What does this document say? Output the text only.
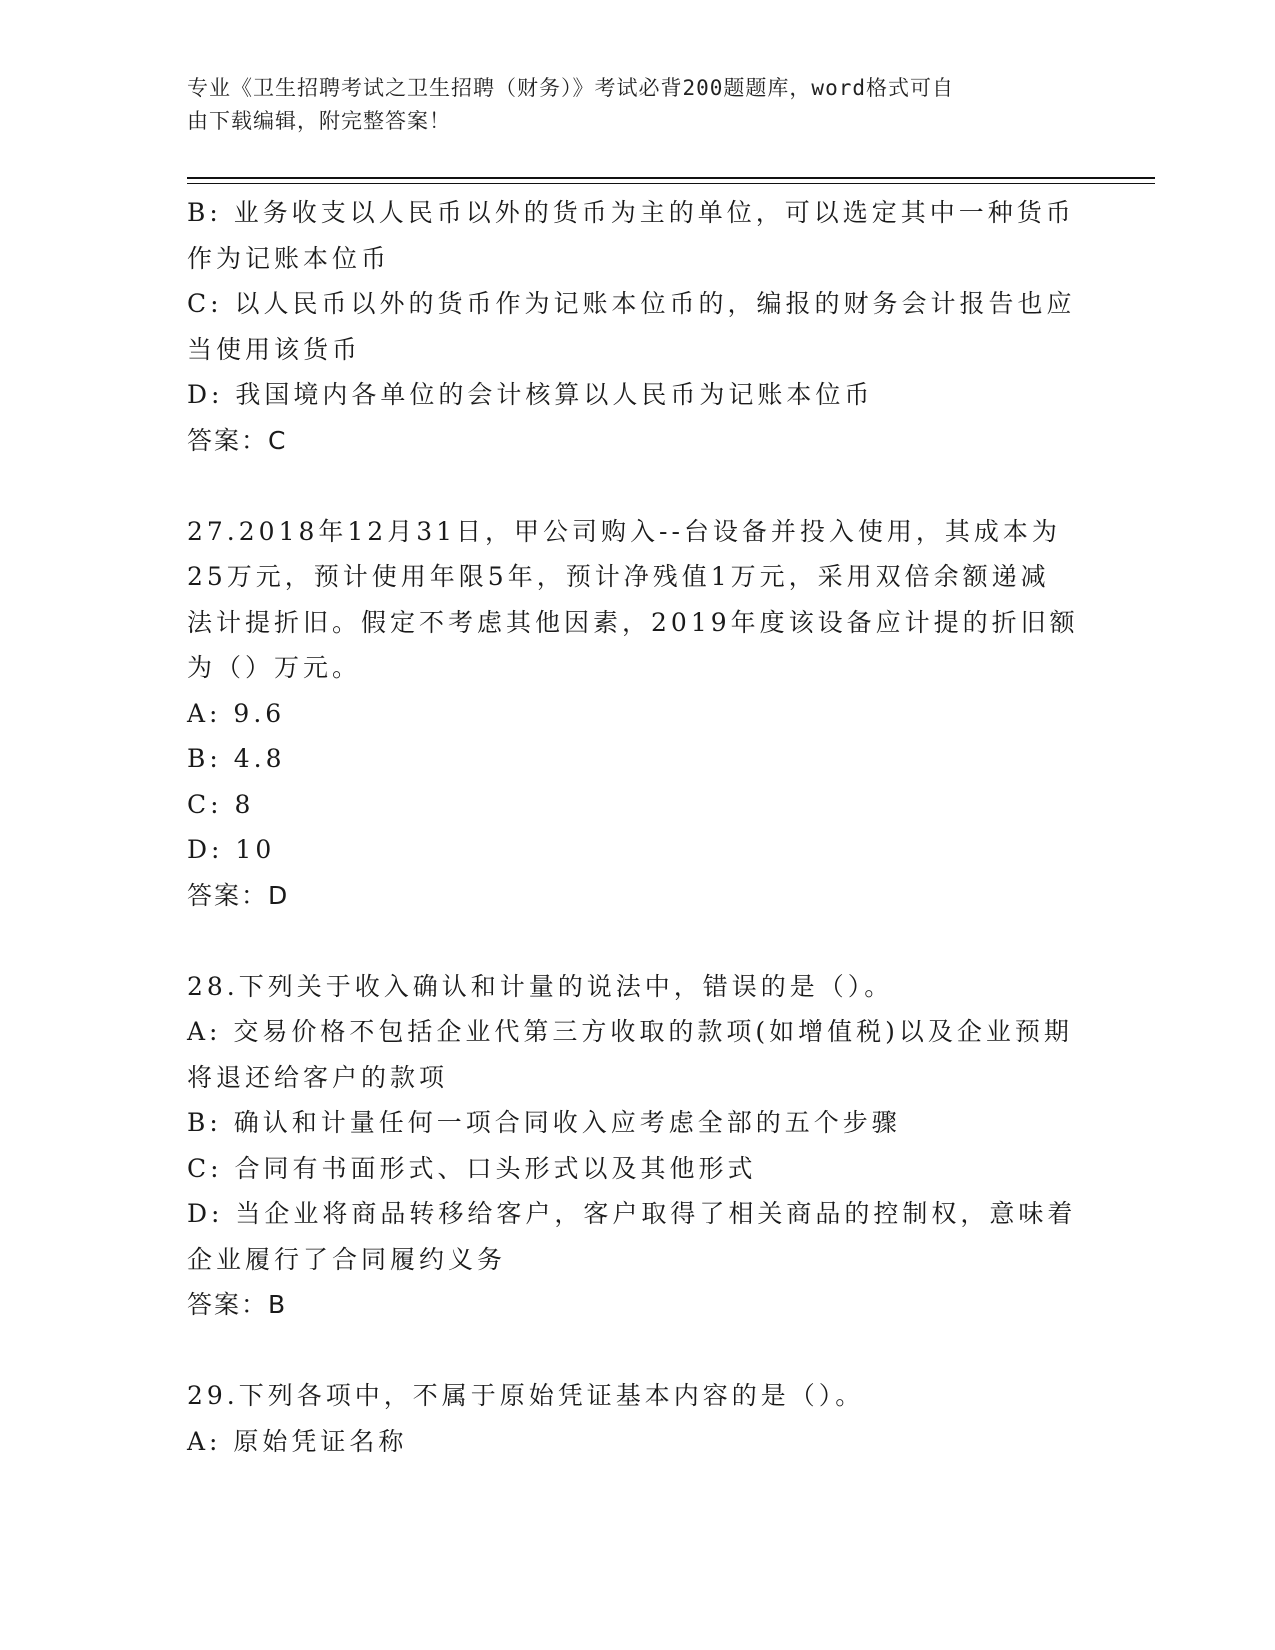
专业《卫生招聘考试之卫生招聘（财务）》考试必背200题题库，word格式可自
由下载编辑，附完整答案！
B: 业务收支以人民币以外的货币为主的单位，可以选定其中一种货币
作为记账本位币
C: 以人民币以外的货币作为记账本位币的，编报的财务会计报告也应
当使用该货币
D: 我国境内各单位的会计核算以人民币为记账本位币
答案：C
27.2018年12月31日，甲公司购入--台设备并投入使用，其成本为
25万元，预计使用年限5年，预计净残值1万元，采用双倍余额递减
法计提折旧。假定不考虑其他因素，2019年度该设备应计提的折旧额
为（）万元。
A: 9.6
B: 4.8
C: 8
D: 10
答案：D
28.下列关于收入确认和计量的说法中，错误的是（）。
A: 交易价格不包括企业代第三方收取的款项(如增值税)以及企业预期
将退还给客户的款项
B: 确认和计量任何一项合同收入应考虑全部的五个步骤
C: 合同有书面形式、口头形式以及其他形式
D: 当企业将商品转移给客户，客户取得了相关商品的控制权，意味着
企业履行了合同履约义务
答案：B
29.下列各项中，不属于原始凭证基本内容的是（）。
A: 原始凭证名称
